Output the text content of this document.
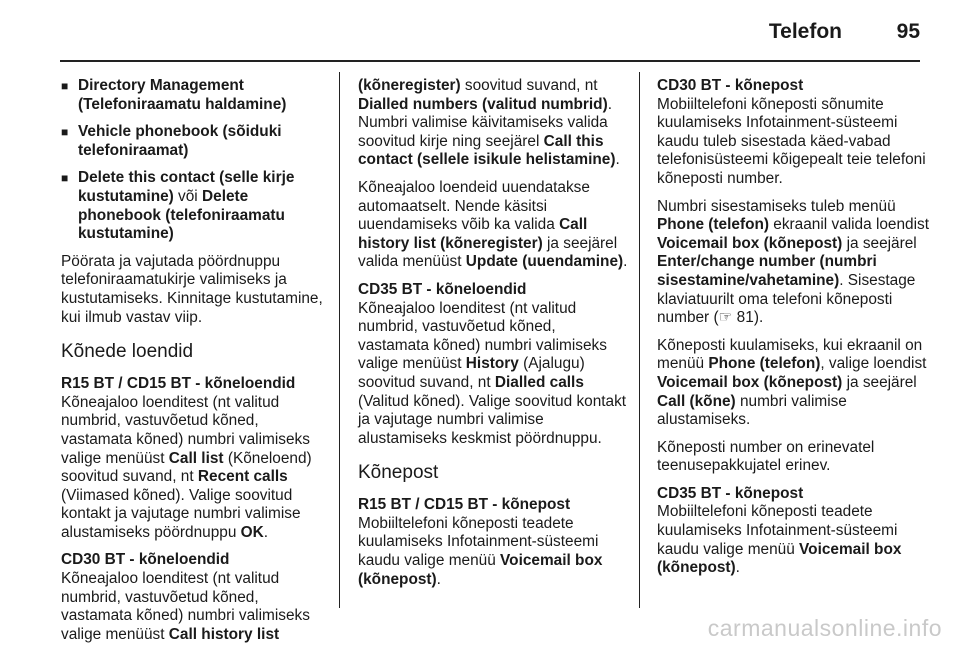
Telefon	95
■ Directory Management (Telefoniraamatu haldamine)
■ Vehicle phonebook (sõiduki telefoniraamat)
■ Delete this contact (selle kirje kustutamine) või Delete phonebook (telefoniraamatu kustutamine)

Pöörata ja vajutada pöördnuppu telefoniraamatukirje valimiseks ja kustutamiseks. Kinnitage kustutamine, kui ilmub vastav viip.

Kõnede loendid
R15 BT / CD15 BT - kõneloendid

Kõneajaloo loenditest (nt valitud numbrid, vastuvõetud kõned, vastamata kõned) numbri valimiseks valige menüüst Call list (Kõneloend) soovitud suvand, nt Recent calls (Viimased kõned). Valige soovitud kontakt ja vajutage numbri valimise alustamiseks pöördnuppu OK.

CD30 BT - kõneloendid

Kõneajaloo loenditest (nt valitud numbrid, vastuvõetud kõned, vastamata kõned) numbri valimiseks valige menüüst Call history list

(kõneregister) soovitud suvand, nt Dialled numbers (valitud numbrid). Numbri valimise käivitamiseks valida soovitud kirje ning seejärel Call this contact (sellele isikule helistamine).

Kõneajaloo loendeid uuendatakse automaatselt. Nende käsitsi uuendamiseks võib ka valida Call history list (kõneregister) ja seejärel valida menüüst Update (uuendamine).

CD35 BT - kõneloendid

Kõneajaloo loenditest (nt valitud numbrid, vastuvõetud kõned, vastamata kõned) numbri valimiseks valige menüüst History (Ajalugu) soovitud suvand, nt Dialled calls (Valitud kõned). Valige soovitud kontakt ja vajutage numbri valimise alustamiseks keskmist pöördnuppu.

Kõnepost
R15 BT / CD15 BT - kõnepost

Mobiiltelefoni kõneposti teadete kuulamiseks Infotainment-süsteemi kaudu valige menüü Voicemail box (kõnepost).

CD30 BT - kõnepost

Mobiiltelefoni kõneposti sõnumite kuulamiseks Infotainment-süsteemi kaudu tuleb sisestada käed-vabad telefonisüsteemi kõigepealt teie telefoni kõneposti number.

Numbri sisestamiseks tuleb menüü Phone (telefon) ekraanil valida loendist Voicemail box (kõnepost) ja seejärel Enter/change number (numbri sisestamine/vahetamine). Sisestage klaviatuurilt oma telefoni kõneposti number (☞ 81).

Kõneposti kuulamiseks, kui ekraanil on menüü Phone (telefon), valige loendist Voicemail box (kõnepost) ja seejärel Call (kõne) numbri valimise alustamiseks.

Kõneposti number on erinevatel teenusepakkujatel erinev.

CD35 BT - kõnepost

Mobiiltelefoni kõneposti teadete kuulamiseks Infotainment-süsteemi kaudu valige menüü Voicemail box (kõnepost).

carmanualsonline.info
